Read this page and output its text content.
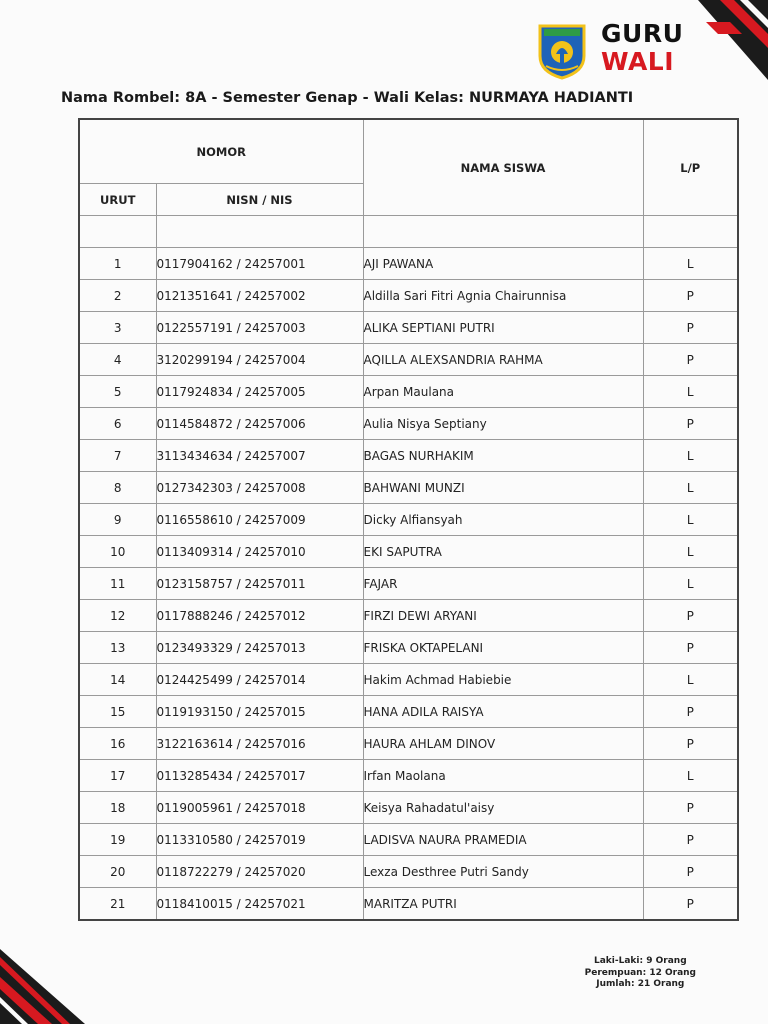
GURU
WALI
Nama Rombel: 8A - Semester Genap - Wali Kelas: NURMAYA HADIANTI
NOMOR		NAMA SISWA	L/P
URUT	NISN / NIS		

1	0117904162 / 24257001	AJI PAWANA	L
2	0121351641 / 24257002	Aldilla Sari Fitri Agnia Chairunnisa	P
3	0122557191 / 24257003	ALIKA SEPTIANI PUTRI	P
4	3120299194 / 24257004	AQILLA ALEXSANDRIA RAHMA	P
5	0117924834 / 24257005	Arpan Maulana	L
6	0114584872 / 24257006	Aulia Nisya Septiany	P
7	3113434634 / 24257007	BAGAS NURHAKIM	L
8	0127342303 / 24257008	BAHWANI MUNZI	L
9	0116558610 / 24257009	Dicky Alfiansyah	L
10	0113409314 / 24257010	EKI SAPUTRA	L
11	0123158757 / 24257011	FAJAR	L
12	0117888246 / 24257012	FIRZI DEWI ARYANI	P
13	0123493329 / 24257013	FRISKA OKTAPELANI	P
14	0124425499 / 24257014	Hakim Achmad Habiebie	L
15	0119193150 / 24257015	HANA ADILA RAISYA	P
16	3122163614 / 24257016	HAURA AHLAM DINOV	P
17	0113285434 / 24257017	Irfan Maolana	L
18	0119005961 / 24257018	Keisya Rahadatul'aisy	P
19	0113310580 / 24257019	LADISVA NAURA PRAMEDIA	P
20	0118722279 / 24257020	Lexza Desthree Putri Sandy	P
21	0118410015 / 24257021	MARITZA PUTRI	P
Laki-Laki: 9 Orang
Perempuan: 12 Orang
Jumlah: 21 Orang
